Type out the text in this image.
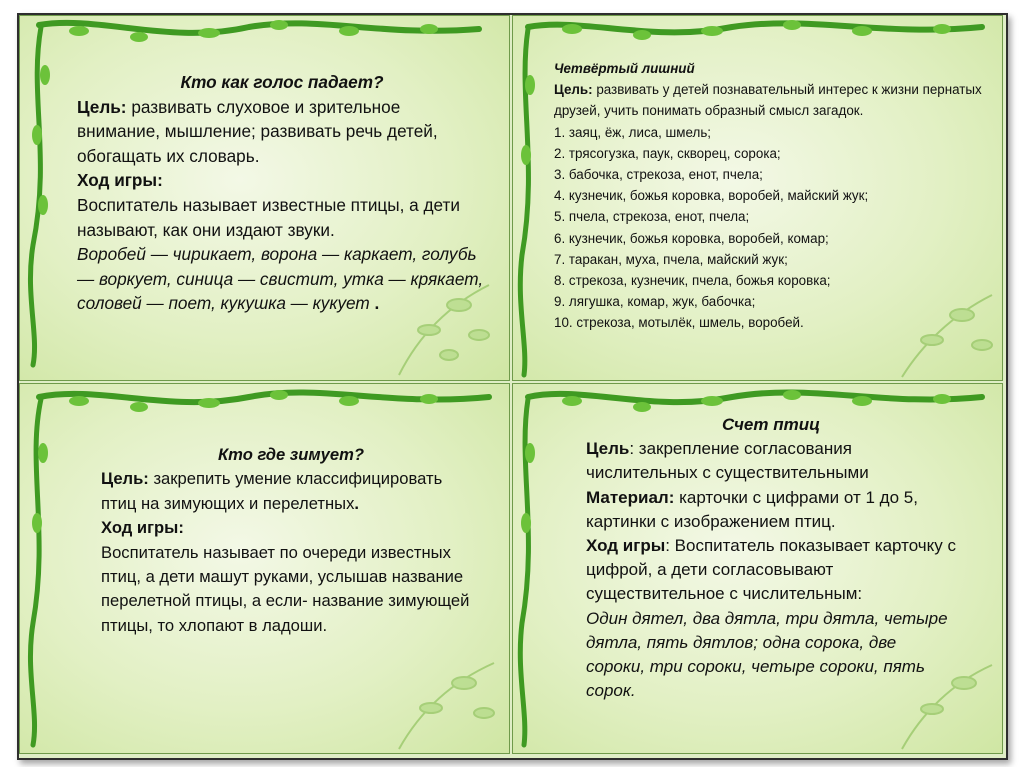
Кто как голос падает?
Цель: развивать слуховое и зрительное внимание, мышление; развивать речь детей, обогащать их словарь.
Ход игры:
Воспитатель называет известные птицы, а дети называют, как они издают звуки.
Воробей — чирикает, ворона — каркает, голубь — воркует, синица — свистит, утка — крякает, соловей — поет, кукушка — кукует .
Четвёртый лишний
Цель: развивать у детей познавательный интерес к жизни пернатых друзей, учить понимать образный смысл загадок.
1. заяц, ёж, лиса, шмель;
2. трясогузка, паук, скворец, сорока;
3. бабочка, стрекоза, енот, пчела;
4. кузнечик, божья коровка, воробей, майский жук;
5. пчела, стрекоза, енот, пчела;
6. кузнечик, божья коровка, воробей, комар;
7. таракан, муха, пчела, майский жук;
8. стрекоза, кузнечик, пчела, божья коровка;
9. лягушка, комар, жук, бабочка;
10. стрекоза, мотылёк, шмель, воробей.
Кто где зимует?
Цель: закрепить умение классифицировать птиц на зимующих и перелетных.
Ход игры:
Воспитатель называет по очереди известных птиц, а дети машут руками, услышав название перелетной птицы, а если- название зимующей птицы, то хлопают в ладоши.
Счет птиц
Цель: закрепление согласования числительных с существительными
Материал: карточки с цифрами от 1 до 5, картинки с изображением птиц.
Ход игры: Воспитатель показывает карточку с цифрой, а дети согласовывают существительное с числительным:
Один дятел, два дятла, три дятла, четыре дятла, пять дятлов; одна сорока, две сороки, три сороки, четыре сороки, пять сорок.
